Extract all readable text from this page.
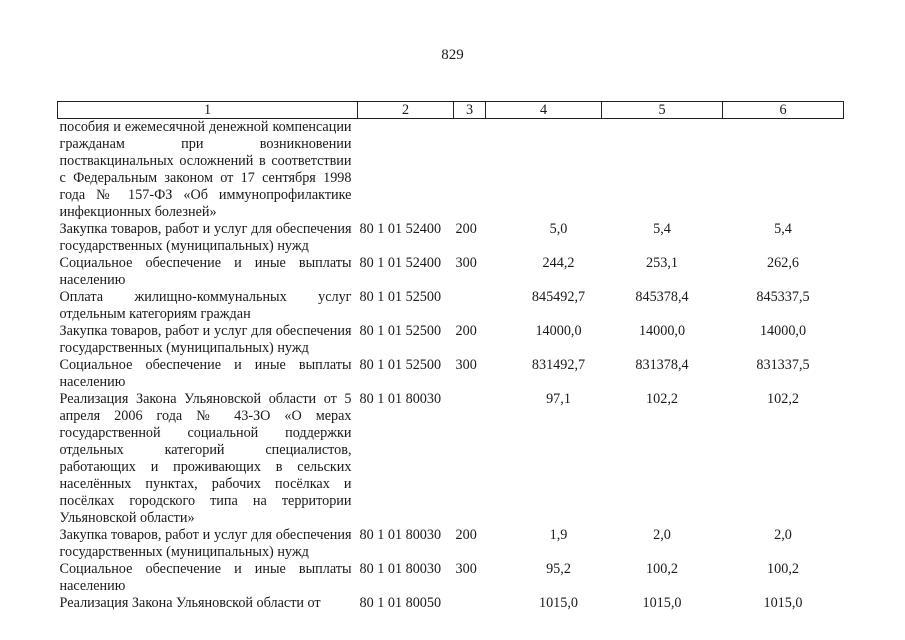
829
1	2	3	4	5	6
пособия и ежемесячной денежной компенсации гражданам при возникновении поствакцинальных осложнений в соответствии с Федеральным законом от 17 сентября 1998 года № 157-ФЗ «Об иммунопрофилактике инфекционных болезней»					
Закупка товаров, работ и услуг для обеспечения государственных (муниципальных) нужд	80 1 01 52400	200	5,0	5,4	5,4
Социальное обеспечение и иные выплаты населению	80 1 01 52400	300	244,2	253,1	262,6
Оплата жилищно-коммунальных услуг отдельным категориям граждан	80 1 01 52500		845492,7	845378,4	845337,5
Закупка товаров, работ и услуг для обеспечения государственных (муниципальных) нужд	80 1 01 52500	200	14000,0	14000,0	14000,0
Социальное обеспечение и иные выплаты населению	80 1 01 52500	300	831492,7	831378,4	831337,5
Реализация Закона Ульяновской области от 5 апреля 2006 года № 43-ЗО «О мерах государственной социальной поддержки отдельных категорий специалистов, работающих и проживающих в сельских населённых пунктах, рабочих посёлках и посёлках городского типа на территории Ульяновской области»	80 1 01 80030		97,1	102,2	102,2
Закупка товаров, работ и услуг для обеспечения государственных (муниципальных) нужд	80 1 01 80030	200	1,9	2,0	2,0
Социальное обеспечение и иные выплаты населению	80 1 01 80030	300	95,2	100,2	100,2
Реализация Закона Ульяновской области от	80 1 01 80050		1015,0	1015,0	1015,0
